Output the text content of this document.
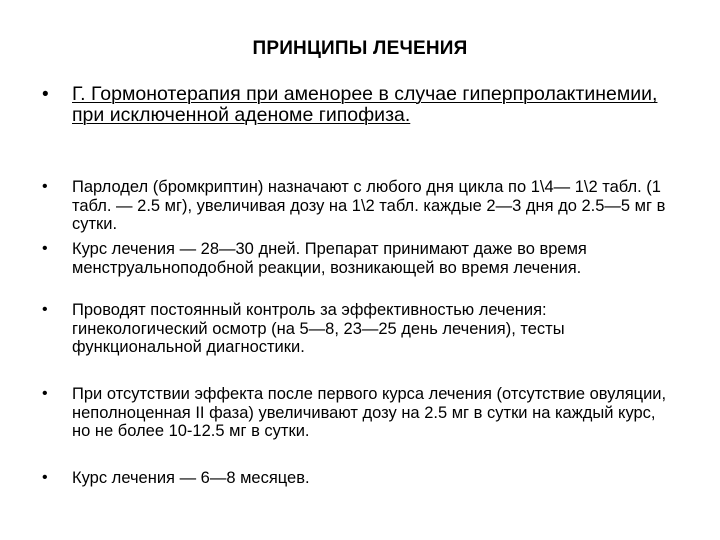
ПРИНЦИПЫ ЛЕЧЕНИЯ
• Г. Гормонотерапия при аменорее в случае гиперпролактинемии, при исключенной аденоме гипофиза.
• Парлодел (бромкриптин) назначают с любого дня цикла по 1\4— 1\2 табл. (1 табл. — 2.5 мг), увеличивая дозу на 1\2 табл. каждые 2—3 дня до 2.5—5 мг в сутки.
• Курс лечения — 28—30 дней. Препарат принимают даже во время менструальноподобной реакции, возникающей во время лечения.
• Проводят постоянный контроль за эффективностью лечения: гинекологический осмотр (на 5—8, 23—25 день лечения), тесты функциональной диагностики.
• При отсутствии эффекта после первого курса лечения (отсутствие овуляции, неполноценная II фаза) увеличивают дозу на 2.5 мг в сутки на каждый курс, но не более 10-12.5 мг в сутки.
• Курс лечения — 6—8 месяцев.
